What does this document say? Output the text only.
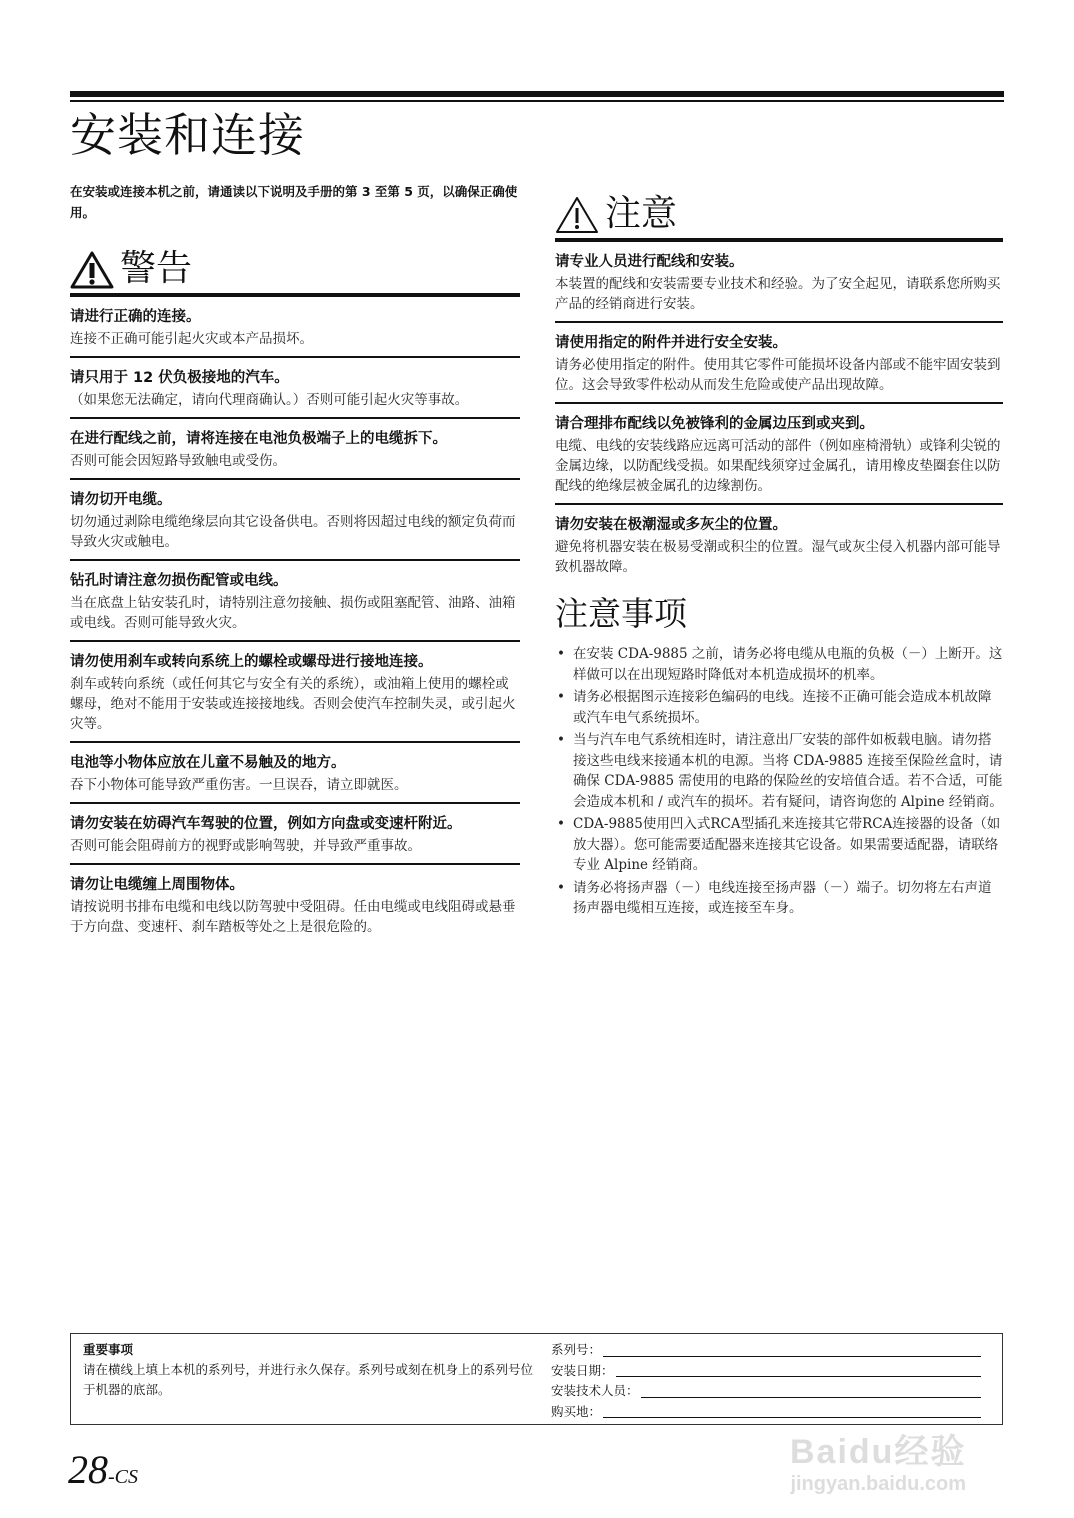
安装和连接

在安装或连接本机之前，请通读以下说明及手册的第 3 至第 5 页，以确保正确使用。

警告
请进行正确的连接。
连接不正确可能引起火灾或本产品损坏。
请只用于 12 伏负极接地的汽车。
（如果您无法确定，请向代理商确认。）否则可能引起火灾等事故。
在进行配线之前，请将连接在电池负极端子上的电缆拆下。
否则可能会因短路导致触电或受伤。
请勿切开电缆。
切勿通过剥除电缆绝缘层向其它设备供电。否则将因超过电线的额定负荷而导致火灾或触电。
钻孔时请注意勿损伤配管或电线。
当在底盘上钻安装孔时，请特别注意勿接触、损伤或阻塞配管、油路、油箱或电线。否则可能导致火灾。
请勿使用刹车或转向系统上的螺栓或螺母进行接地连接。
刹车或转向系统（或任何其它与安全有关的系统），或油箱上使用的螺栓或螺母，绝对不能用于安装或连接接地线。否则会使汽车控制失灵，或引起火灾等。
电池等小物体应放在儿童不易触及的地方。
吞下小物体可能导致严重伤害。一旦误吞，请立即就医。
请勿安装在妨碍汽车驾驶的位置，例如方向盘或变速杆附近。
否则可能会阻碍前方的视野或影响驾驶，并导致严重事故。
请勿让电缆缠上周围物体。
请按说明书排布电缆和电线以防驾驶中受阻碍。任由电缆或电线阻碍或悬垂于方向盘、变速杆、刹车踏板等处之上是很危险的。
注意
请专业人员进行配线和安装。
本装置的配线和安装需要专业技术和经验。为了安全起见，请联系您所购买产品的经销商进行安装。
请使用指定的附件并进行安全安装。
请务必使用指定的附件。使用其它零件可能损坏设备内部或不能牢固安装到位。这会导致零件松动从而发生危险或使产品出现故障。
请合理排布配线以免被锋利的金属边压到或夹到。
电缆、电线的安装线路应远离可活动的部件（例如座椅滑轨）或锋利尖锐的金属边缘，以防配线受损。如果配线须穿过金属孔，请用橡皮垫圈套住以防配线的绝缘层被金属孔的边缘割伤。
请勿安装在极潮湿或多灰尘的位置。
避免将机器安装在极易受潮或积尘的位置。湿气或灰尘侵入机器内部可能导致机器故障。
注意事项
• 在安装 CDA-9885 之前，请务必将电缆从电瓶的负极（－）上断开。这样做可以在出现短路时降低对本机造成损坏的机率。
• 请务必根据图示连接彩色编码的电线。连接不正确可能会造成本机故障或汽车电气系统损坏。
• 当与汽车电气系统相连时，请注意出厂安装的部件如板载电脑。请勿搭接这些电线来接通本机的电源。当将 CDA-9885 连接至保险丝盒时，请确保 CDA-9885 需使用的电路的保险丝的安培值合适。若不合适，可能会造成本机和 / 或汽车的损坏。若有疑问，请咨询您的 Alpine 经销商。
• CDA-9885使用凹入式RCA型插孔来连接其它带RCA连接器的设备（如放大器）。您可能需要适配器来连接其它设备。如果需要适配器，请联络专业 Alpine 经销商。
• 请务必将扬声器（－）电线连接至扬声器（－）端子。切勿将左右声道扬声器电缆相互连接，或连接至车身。
重要事项
请在横线上填上本机的系列号，并进行永久保存。系列号或刻在机身上的系列号位于机器的底部。
系列号：
安装日期：
安装技术人员：
购买地：
Baidu经验
jingyan.baidu.com
28-CS
